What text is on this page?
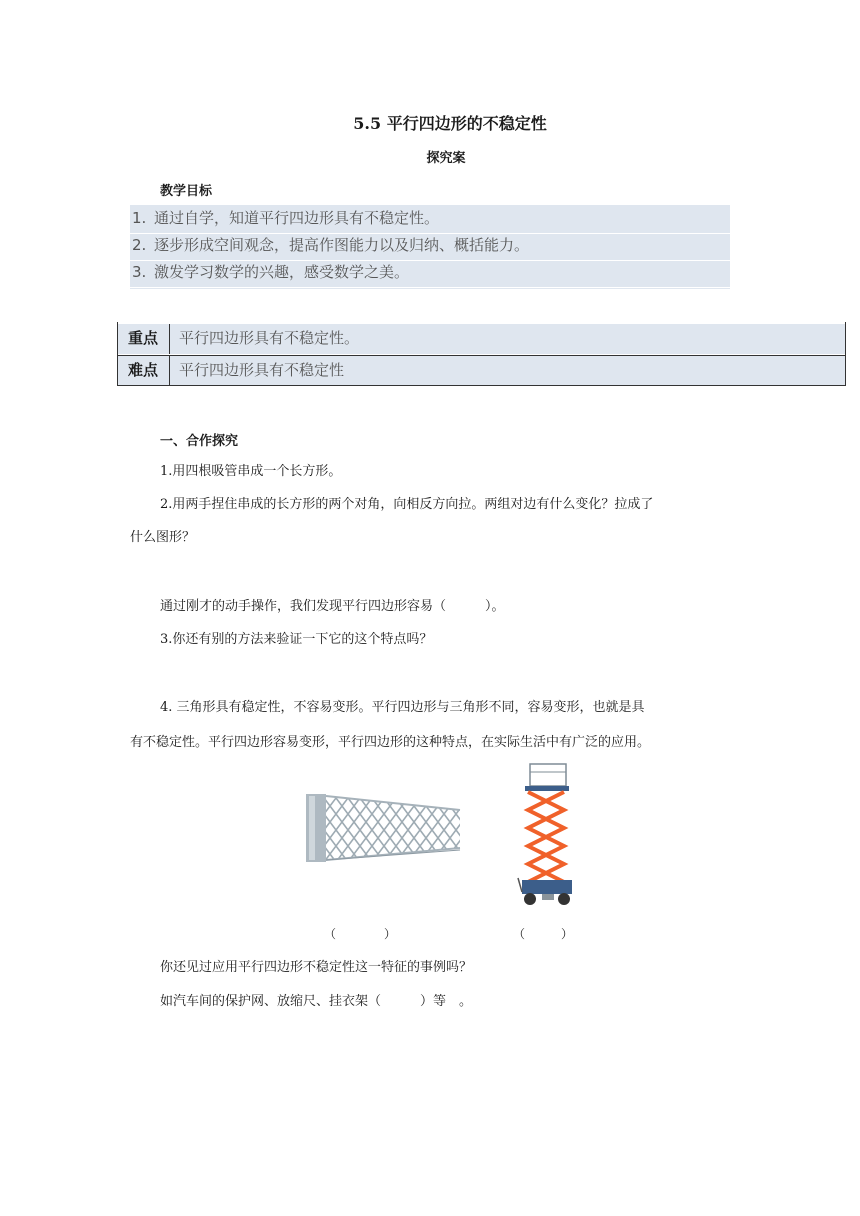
5.5 平行四边形的不稳定性
探究案
教学目标
1. 通过自学，知道平行四边形具有不稳定性。
2. 逐步形成空间观念，提高作图能力以及归纳、概括能力。
3. 激发学习数学的兴趣，感受数学之美。
重点	平行四边形具有不稳定性。
难点	平行四边形具有不稳定性
一、合作探究
1.用四根吸管串成一个长方形。
2.用两手捏住串成的长方形的两个对角，向相反方向拉。两组对边有什么变化？拉成了
什么图形？
通过刚才的动手操作，我们发现平行四边形容易（　　　）。
3.你还有别的方法来验证一下它的这个特点吗？
4. 三角形具有稳定性，不容易变形。平行四边形与三角形不同，容易变形，也就是具
有不稳定性。平行四边形容易变形，平行四边形的这种特点，在实际生活中有广泛的应用。
（　　　　）	（　　　）
你还见过应用平行四边形不稳定性这一特征的事例吗？
如汽车间的保护网、放缩尺、挂衣架（　　　）等　。
